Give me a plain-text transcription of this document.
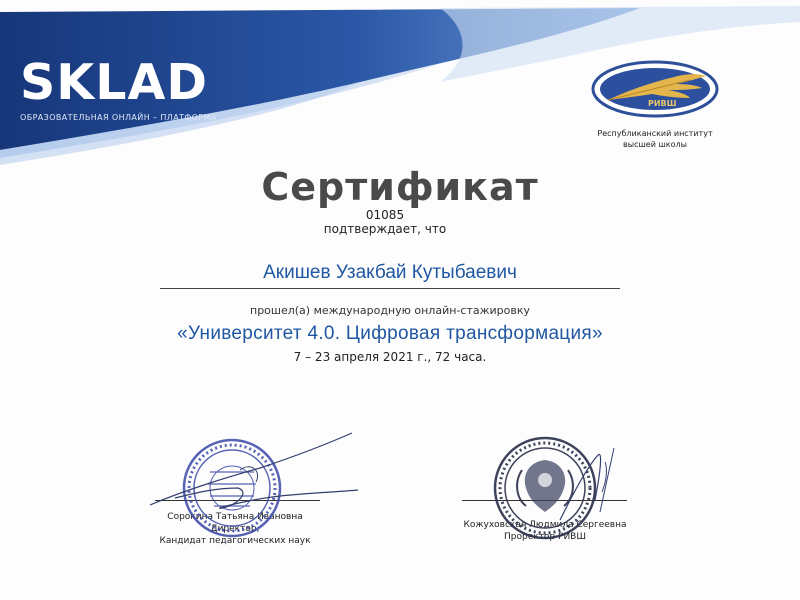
SKLAD
ОБРАЗОВАТЕЛЬНАЯ ОНЛАЙН – ПЛАТФОРМА
РИВШ
Республиканский институт
высшей школы
Сертификат
01085
подтверждает, что
Акишев Узакбай Кутыбаевич
прошел(а) международную онлайн-стажировку
«Университет 4.0. Цифровая трансформация»
7 – 23 апреля 2021 г., 72 часа.
Сорокина Татьяна Ивановна
Директор,
Кандидат педагогических наук
Кожуховская Людмила Сергеевна
Проректор РИВШ
